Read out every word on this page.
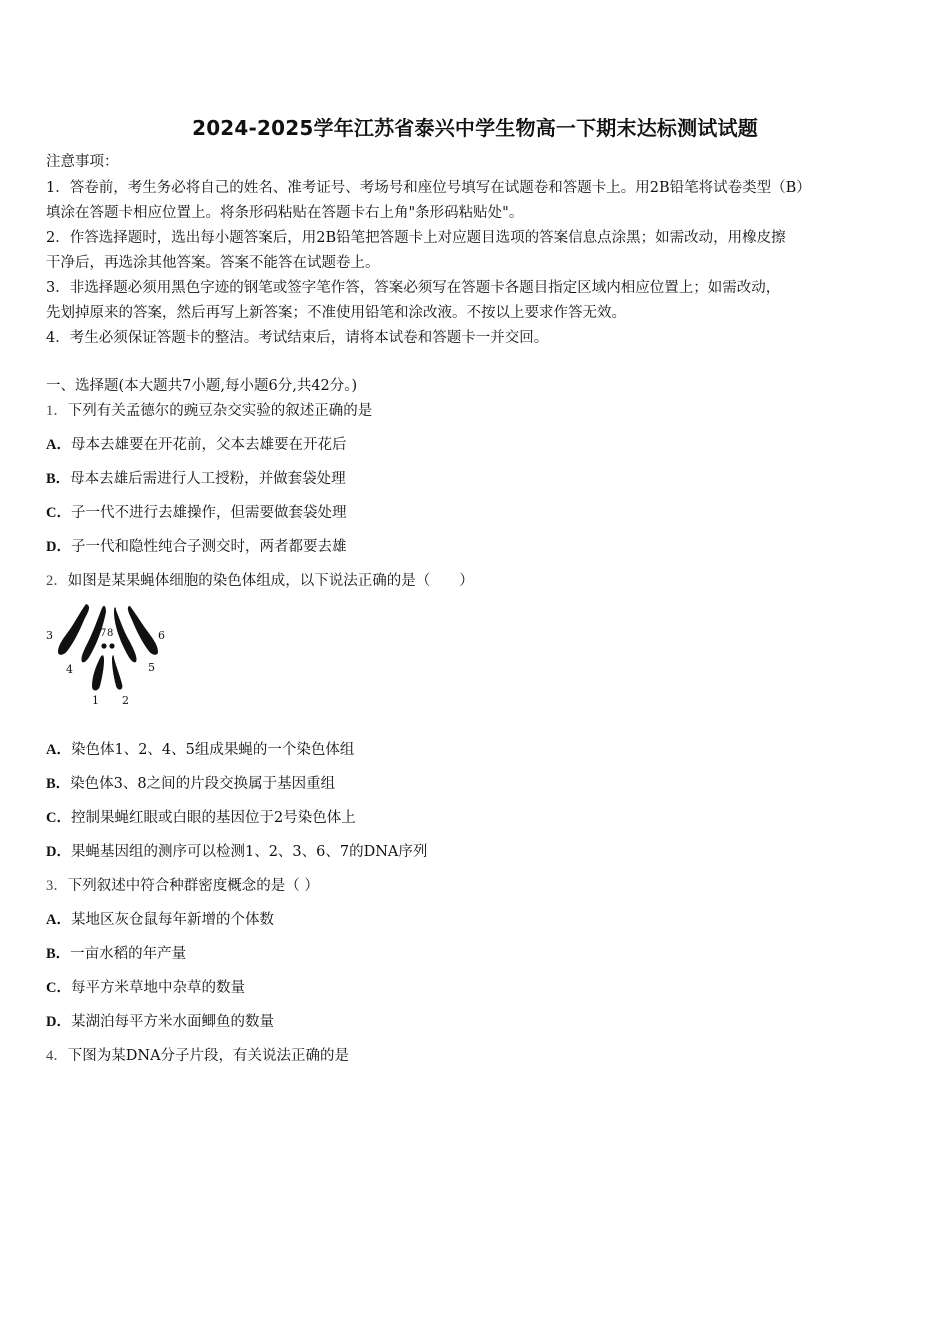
2024-2025学年江苏省泰兴中学生物高一下期末达标测试试题
注意事项：
1．答卷前，考生务必将自己的姓名、准考证号、考场号和座位号填写在试题卷和答题卡上。用2B铅笔将试卷类型（B）
填涂在答题卡相应位置上。将条形码粘贴在答题卡右上角"条形码粘贴处"。
2．作答选择题时，选出每小题答案后，用2B铅笔把答题卡上对应题目选项的答案信息点涂黑；如需改动，用橡皮擦
干净后，再选涂其他答案。答案不能答在试题卷上。
3．非选择题必须用黑色字迹的钢笔或签字笔作答，答案必须写在答题卡各题目指定区域内相应位置上；如需改动，
先划掉原来的答案，然后再写上新答案；不准使用铅笔和涂改液。不按以上要求作答无效。
4．考生必须保证答题卡的整洁。考试结束后，请将本试卷和答题卡一并交回。
一、选择题(本大题共7小题,每小题6分,共42分。)
1．下列有关孟德尔的豌豆杂交实验的叙述正确的是
A．母本去雄要在开花前，父本去雄要在开花后
B．母本去雄后需进行人工授粉，并做套袋处理
C．子一代不进行去雄操作，但需要做套袋处理
D．子一代和隐性纯合子测交时，两者都要去雄
2．如图是某果蝇体细胞的染色体组成，以下说法正确的是（　　）
3	7 8	6
4	5
1 2
A．染色体1、2、4、5组成果蝇的一个染色体组
B．染色体3、8之间的片段交换属于基因重组
C．控制果蝇红眼或白眼的基因位于2号染色体上
D．果蝇基因组的测序可以检测1、2、3、6、7的DNA序列
3．下列叙述中符合种群密度概念的是（ ）
A．某地区灰仓鼠每年新增的个体数
B．一亩水稻的年产量
C．每平方米草地中杂草的数量
D．某湖泊每平方米水面鲫鱼的数量
4．下图为某DNA分子片段，有关说法正确的是
